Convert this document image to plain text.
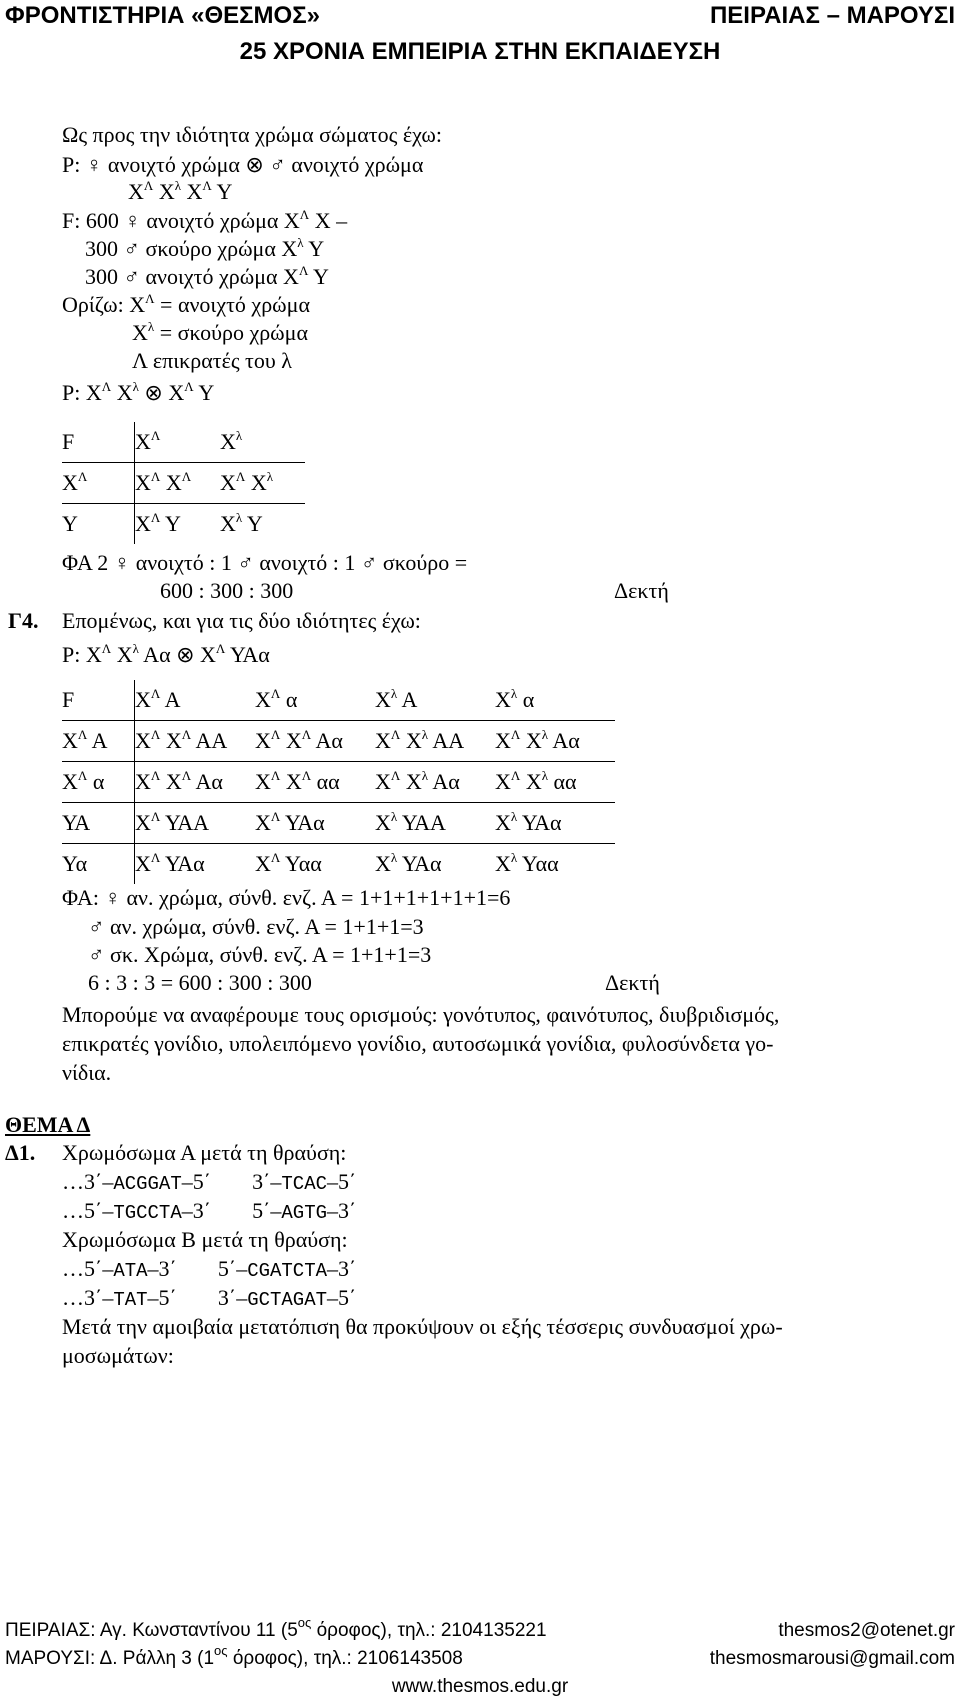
ΦΡΟΝΤΙΣΤΗΡΙΑ «ΘΕΣΜΟΣ»	ΠΕΙΡΑΙΑΣ – ΜΑΡΟΥΣΙ
25 ΧΡΟΝΙΑ ΕΜΠΕΙΡΙΑ ΣΤΗΝ ΕΚΠΑΙΔΕΥΣΗ
Ως προς την ιδιότητα χρώμα σώματος έχω:
P: ♀ ανοιχτό χρώμα ⊗ ♂ ανοιχτό χρώμα
$X^\Lambda$ $X^\lambda$ $X^\Lambda$ Υ
F: 600 ♀ ανοιχτό χρώμα $X^\Lambda$ Χ –
300 ♂ σκούρο χρώμα $X^\lambda$ Υ
300 ♂ ανοιχτό χρώμα $X^\Lambda$ Υ
Ορίζω: $X^\Lambda = \alpha\nu o\iota\chi\tau ό$ χρώμα
$X^\lambda = \sigma\kappa oύ\rho o$ χρώμα
Λ επικρατές του λ
P: $X^\Lambda$ $X^\lambda$ ⊗ $X^\Lambda$ Υ
F	$X^\Lambda$	$X^\lambda$
$X^\Lambda$	$X^\Lambda$ $X^\Lambda$	$X^\Lambda$ $X^\lambda$
Υ	$X^\Lambda$ Υ	$X^\lambda$ Υ
ΦΑ 2 ♀ ανοιχτό : 1 ♂ ανοιχτό : 1 ♂ σκούρο =
600 : 300 : 300	Δεκτή
Γ4. Επομένως, και για τις δύο ιδιότητες έχω:
P: $X^\Lambda$ $X^\lambda$ Αα ⊗ $X^\Lambda$ ΥΑα
F	$X^\Lambda$ Α	$X^\Lambda$ α	$X^\lambda$ Α	$X^\lambda$ α
$X^\Lambda$ Α	$X^\Lambda$ $X^\Lambda$ ΑΑ	$X^\Lambda$ $X^\Lambda$ Αα	$X^\Lambda$ $X^\lambda$ ΑΑ	$X^\Lambda$ $X^\lambda$ Αα
$X^\Lambda$ α	$X^\Lambda$ $X^\Lambda$ Αα	$X^\Lambda$ $X^\Lambda$ αα	$X^\Lambda$ $X^\lambda$ Αα	$X^\Lambda$ $X^\lambda$ αα
ΥΑ	$X^\Lambda$ ΥΑΑ	$X^\Lambda$ ΥΑα	$X^\lambda$ ΥΑΑ	$X^\lambda$ ΥΑα
Υα	$X^\Lambda$ ΥΑα	$X^\Lambda$ Υαα	$X^\lambda$ ΥΑα	$X^\lambda$ Υαα
ΦΑ: ♀ αν. χρώμα, σύνθ. ενζ. Α = 1+1+1+1+1+1=6
♂ αν. χρώμα, σύνθ. ενζ. Α = 1+1+1=3
♂ σκ. Χρώμα, σύνθ. ενζ. Α = 1+1+1=3
6 : 3 : 3 = 600 : 300 : 300	Δεκτή
Μπορούμε να αναφέρουμε τους ορισμούς: γονότυπος, φαινότυπος, διυβριδισμός,
επικρατές γονίδιο, υπολειπόμενο γονίδιο, αυτοσωμικά γονίδια, φυλοσύνδετα γο-
νίδια.
ΘΕΜΑ Δ
Δ1. Χρωμόσωμα Α μετά τη θραύση:
…3΄–ACGGAT–5΄ 3΄–TCAC–5΄
…5΄–TGCCTA–3΄ 5΄–AGTG–3΄
Χρωμόσωμα Β μετά τη θραύση:
…5΄–ATA–3΄ 5΄–CGATCTA–3΄
…3΄–TAT–5΄ 3΄–GCTAGAT–5΄
Μετά την αμοιβαία μετατόπιση θα προκύψουν οι εξής τέσσερις συνδυασμοί χρω-
μοσωμάτων:
ΠΕΙΡΑΙΑΣ: Αγ. Κωνσταντίνου 11 ($5^{o\varsigma}$ όροφος), τηλ.: 2104135221	thesmos2@otenet.gr
ΜΑΡΟΥΣΙ: Δ. Ράλλη 3 ($1^{o\varsigma}$ όροφος), τηλ.: 2106143508	thesmosmarousi@gmail.com
www.thesmos.edu.gr
